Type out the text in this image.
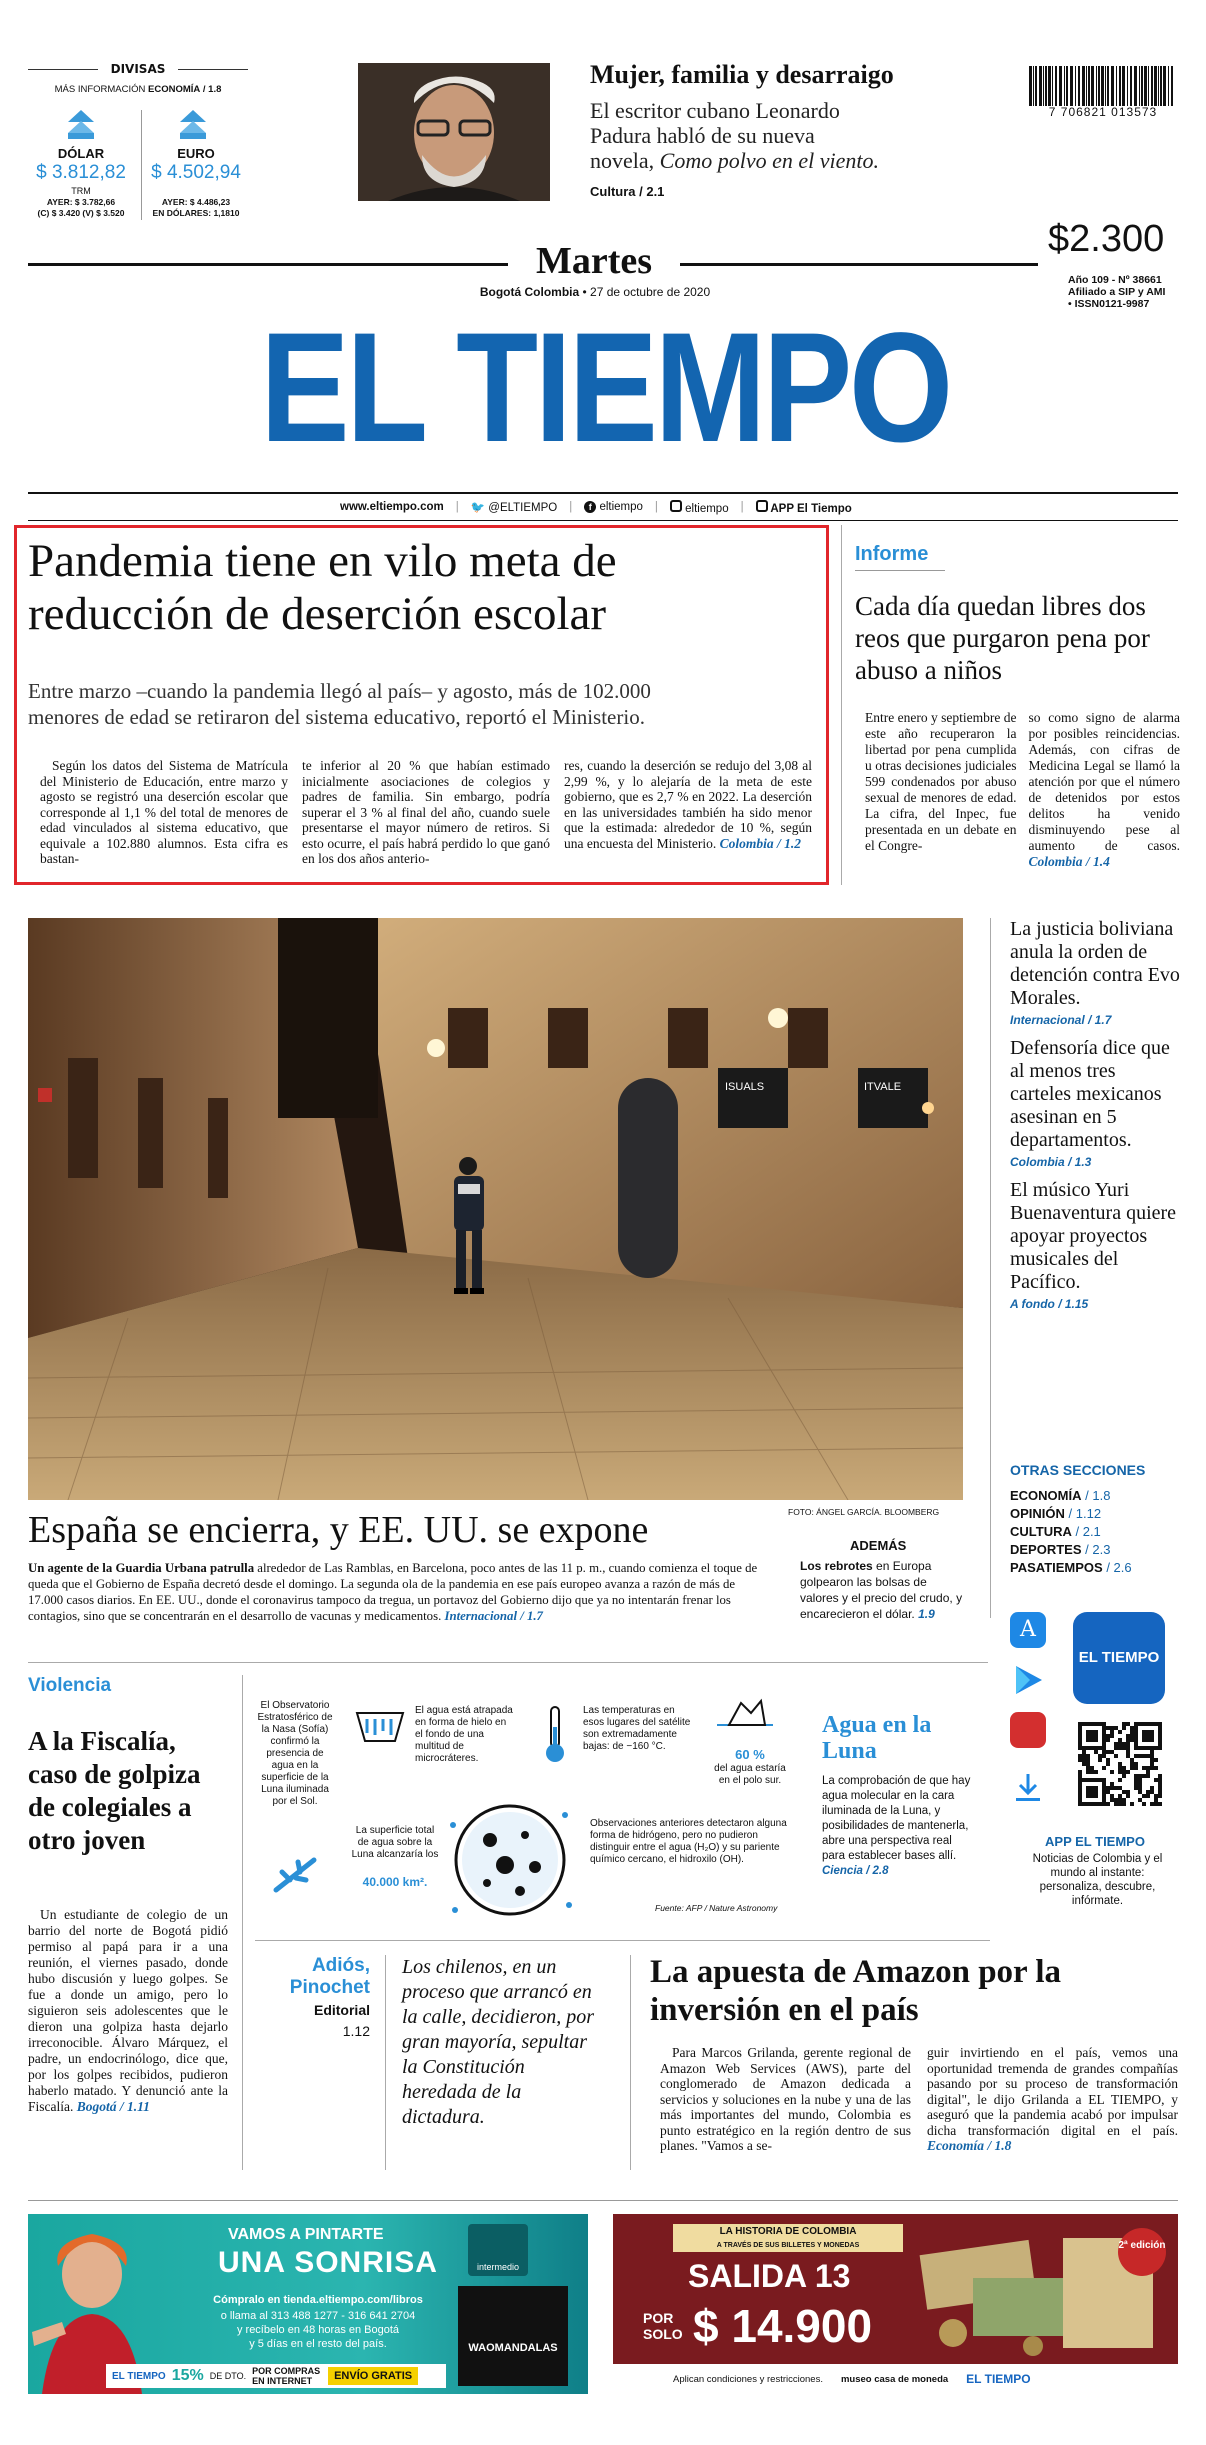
DIVISAS
MÁS INFORMACIÓN ECONOMÍA / 1.8
DÓLAR
$ 3.812,82
TRM
AYER: $ 3.782,66
(C) $ 3.420 (V) $ 3.520
EURO
$ 4.502,94
AYER: $ 4.486,23
EN DÓLARES: 1,1810
Mujer, familia y desarraigo
El escritor cubano Leonardo
Padura habló de su nueva
novela, Como polvo en el viento.
Cultura / 2.1
7 706821 013573
Martes
Bogotá Colombia • 27 de octubre de 2020
$2.300
Año 109 - Nº 38661
Afiliado a SIP y AMI
• ISSN0121-9987
EL TIEMPO
www.eltiempo.com | 🐦 @ELTIEMPO |	f eltiempo |	eltiempo |	APP El Tiempo
Pandemia tiene en vilo meta de
reducción de deserción escolar
Entre marzo –cuando la pandemia llegó al país– y agosto, más de 102.000
menores de edad se retiraron del sistema educativo, reportó el Ministerio.

Según los datos del Sistema de Matrícula del Ministerio de Educación, entre marzo y agosto se registró una deserción escolar que corresponde al 1,1 % del total de menores de edad vinculados al sistema educativo, que equivale a 102.880 alumnos. Esta cifra es bastan-

te inferior al 20 % que habían estimado inicialmente asociaciones de colegios y padres de familia. Sin embargo, podría superar el 3 % al final del año, cuando suele presentarse el mayor número de retiros. Si esto ocurre, el país habrá perdido lo que ganó en los dos años anterio-

res, cuando la deserción se redujo del 3,08 al 2,99 %, y lo alejaría de la meta de este gobierno, que es 2,7 % en 2022. La deserción en las universidades también ha sido menor que la estimada: alrededor de 10 %, según una encuesta del Ministerio. Colombia / 1.2

Informe
Cada día quedan libres dos reos que purgaron pena por abuso a niños

Entre enero y septiembre de este año recuperaron la libertad por pena cumplida u otras decisiones judiciales 599 condenados por abuso sexual de menores de edad. La cifra, del Inpec, fue presentada en un debate en el Congre-

so como signo de alarma por posibles reincidencias. Además, con cifras de Medicina Legal se llamó la atención por que el número de detenidos por estos delitos ha venido disminuyendo pese al aumento de casos. Colombia / 1.4

ISUALS	ITVALE
FOTO: ÁNGEL GARCÍA. BLOOMBERG
España se encierra, y EE. UU. se expone
Un agente de la Guardia Urbana patrulla alrededor de Las Ramblas, en Barcelona, poco antes de las 11 p. m., cuando comienza el toque de queda que el Gobierno de España decretó desde el domingo. La segunda ola de la pandemia en ese país europeo avanza a razón de más de 17.000 casos diarios. En EE. UU., donde el coronavirus tampoco da tregua, un portavoz del Gobierno dijo que ya no intentarán frenar los contagios, sino que se concentrarán en el desarrollo de vacunas y medicamentos. Internacional / 1.7
ADEMÁS
Los rebrotes en Europa golpearon las bolsas de valores y el precio del crudo, y encarecieron el dólar. 1.9
La justicia boliviana anula la orden de detención contra Evo Morales.
Internacional / 1.7
Defensoría dice que al menos tres carteles mexicanos asesinan en 5 departamentos.
Colombia / 1.3
El músico Yuri Buenaventura quiere apoyar proyectos musicales del Pacífico.
A fondo / 1.15
OTRAS SECCIONES
ECONOMÍA / 1.8
OPINIÓN / 1.12
CULTURA / 2.1
DEPORTES / 2.3
PASATIEMPOS / 2.6
A
EL TIEMPO
APP EL TIEMPO
Noticias de Colombia y el mundo al instante: personaliza, descubre, infórmate.
Violencia
A la Fiscalía, caso de golpiza de colegiales a otro joven
Un estudiante de colegio de un barrio del norte de Bogotá pidió permiso al papá para ir a una reunión, el viernes pasado, donde hubo discusión y luego golpes. Se fue a donde un amigo, pero lo siguieron seis adolescentes que le dieron una golpiza hasta dejarlo irreconocible. Álvaro Márquez, el padre, un endocrinólogo, dice que, por los golpes recibidos, pudieron haberlo matado. Y denunció ante la Fiscalía. Bogotá / 1.11
El Observatorio Estratosférico de la Nasa (Sofía) confirmó la presencia de agua en la superficie de la Luna iluminada por el Sol.
El agua está atrapada en forma de hielo en el fondo de una multitud de microcráteres.
Las temperaturas en esos lugares del satélite son extremadamente bajas: de −160 °C.
60 %
del agua estaría en el polo sur.
La superficie total de agua sobre la Luna alcanzaría los
40.000 km².
Observaciones anteriores detectaron alguna forma de hidrógeno, pero no pudieron distinguir entre el agua (H₂O) y su pariente químico cercano, el hidroxilo (OH).
Fuente: AFP / Nature Astronomy
Agua en la Luna
La comprobación de que hay agua molecular en la cara iluminada de la Luna, y posibilidades de mantenerla, abre una perspectiva real para establecer bases allí. Ciencia / 2.8
Adiós, Pinochet
Editorial
1.12
Los chilenos, en un proceso que arrancó en la calle, decidieron, por gran mayoría, sepultar la Constitución heredada de la dictadura.
La apuesta de Amazon por la inversión en el país

Para Marcos Grilanda, gerente regional de Amazon Web Services (AWS), parte del conglomerado de Amazon dedicada a servicios y soluciones en la nube y una de las más importantes del mundo, Colombia es punto estratégico en la región dentro de sus planes. "Vamos a se-

guir invirtiendo en el país, vemos una oportunidad tremenda de grandes compañías pasando por su proceso de transformación digital", le dijo Grilanda a EL TIEMPO, y aseguró que la pandemia acabó por impulsar dicha transformación digital en el país. Economía / 1.8

VAMOS A PINTARTE
UNA SONRISA
Cómpralo en tienda.eltiempo.com/libros
o llama al 313 488 1277 - 316 641 2704
y recíbelo en 48 horas en Bogotá
y 5 días en el resto del país.
intermedio
WAOMANDALAS
EL TIEMPO 15% DE DTO. POR COMPRAS EN INTERNET	ENVÍO GRATIS
LA HISTORIA DE COLOMBIA
A TRAVÉS DE SUS BILLETES Y MONEDAS
SALIDA 13
POR
SOLO $ 14.900
2ª edición
Aplican condiciones y restricciones. museo casa de moneda EL TIEMPO
